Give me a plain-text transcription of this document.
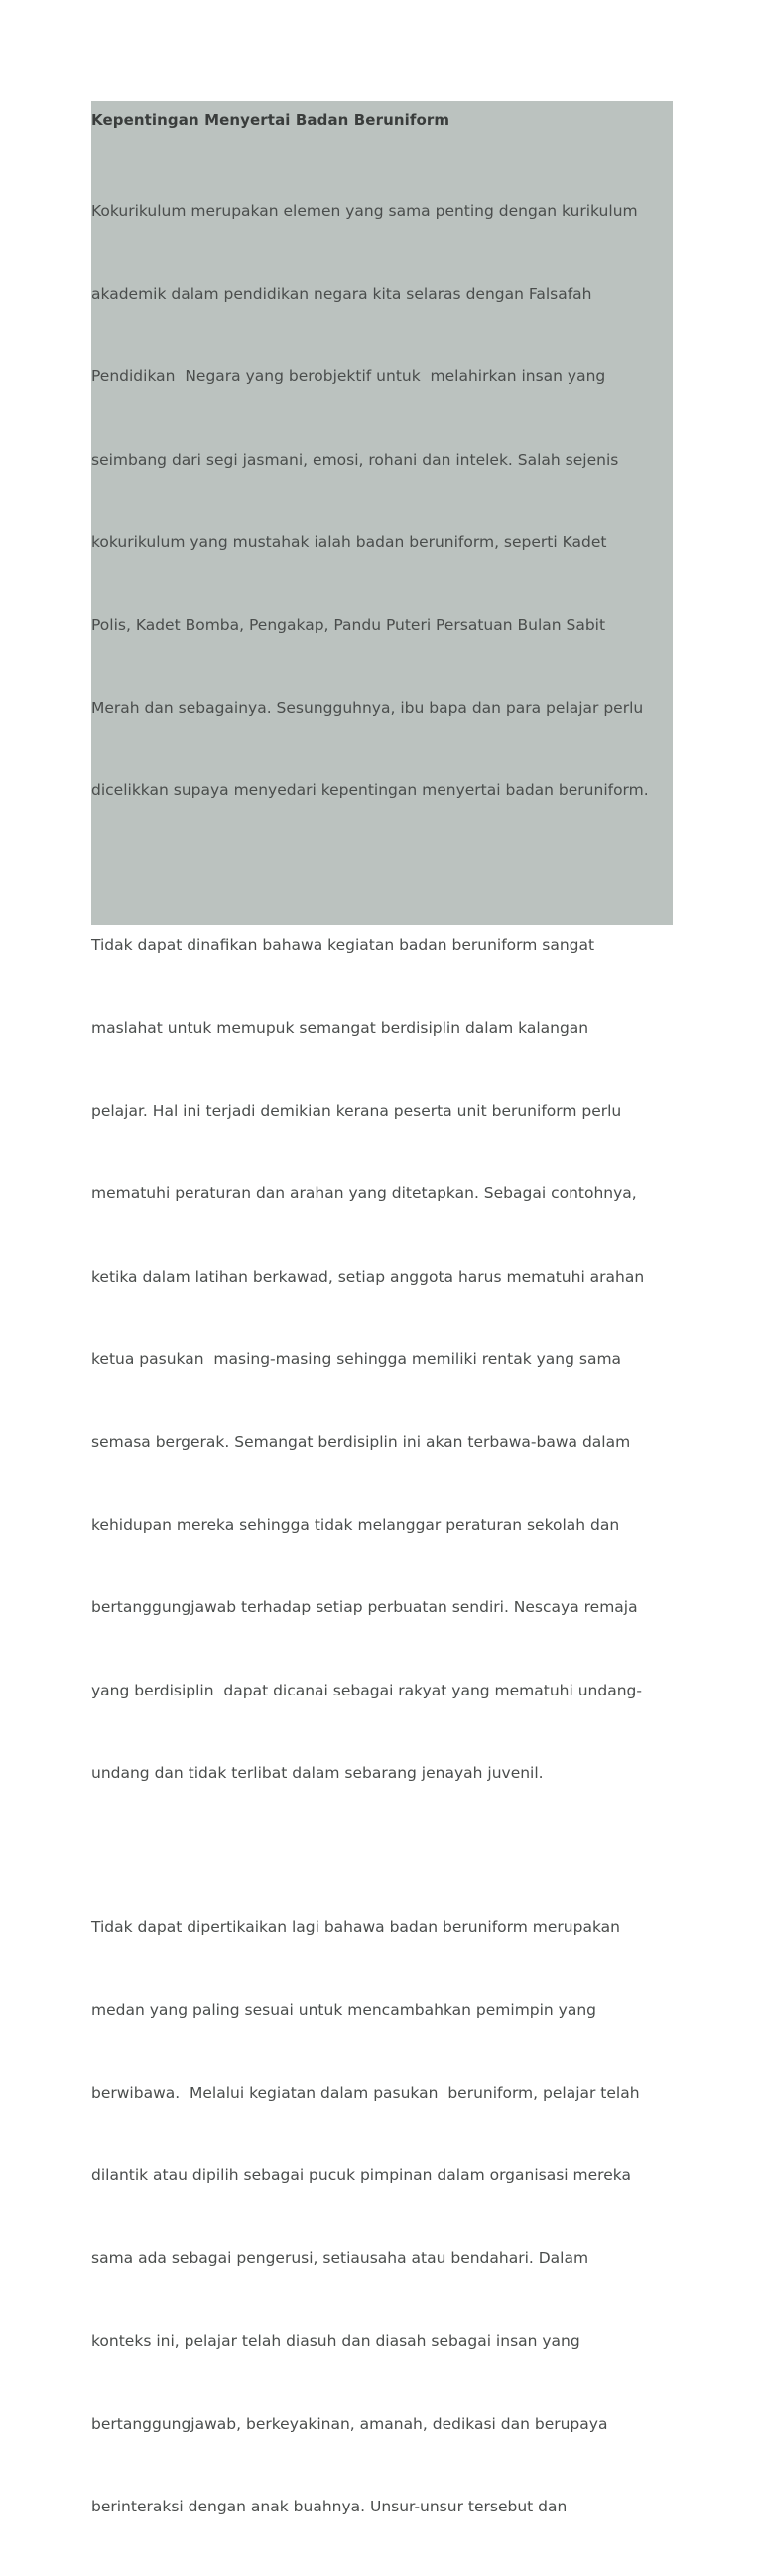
Kepentingan Menyertai Badan Beruniform

Kokurikulum merupakan elemen yang sama penting dengan kurikulum

akademik dalam pendidikan negara kita selaras dengan Falsafah

Pendidikan  Negara yang berobjektif untuk  melahirkan insan yang

seimbang dari segi jasmani, emosi, rohani dan intelek. Salah sejenis

kokurikulum yang mustahak ialah badan beruniform, seperti Kadet

Polis, Kadet Bomba, Pengakap, Pandu Puteri Persatuan Bulan Sabit

Merah dan sebagainya. Sesungguhnya, ibu bapa dan para pelajar perlu

dicelikkan supaya menyedari kepentingan menyertai badan beruniform.

Tidak dapat dinafikan bahawa kegiatan badan beruniform sangat

maslahat untuk memupuk semangat berdisiplin dalam kalangan

pelajar. Hal ini terjadi demikian kerana peserta unit beruniform perlu

mematuhi peraturan dan arahan yang ditetapkan. Sebagai contohnya,

ketika dalam latihan berkawad, setiap anggota harus mematuhi arahan

ketua pasukan  masing-masing sehingga memiliki rentak yang sama

semasa bergerak. Semangat berdisiplin ini akan terbawa-bawa dalam

kehidupan mereka sehingga tidak melanggar peraturan sekolah dan

bertanggungjawab terhadap setiap perbuatan sendiri. Nescaya remaja

yang berdisiplin  dapat dicanai sebagai rakyat yang mematuhi undang-

undang dan tidak terlibat dalam sebarang jenayah juvenil.

Tidak dapat dipertikaikan lagi bahawa badan beruniform merupakan

medan yang paling sesuai untuk mencambahkan pemimpin yang

berwibawa.  Melalui kegiatan dalam pasukan  beruniform, pelajar telah

dilantik atau dipilih sebagai pucuk pimpinan dalam organisasi mereka

sama ada sebagai pengerusi, setiausaha atau bendahari. Dalam

konteks ini, pelajar telah diasuh dan diasah sebagai insan yang

bertanggungjawab, berkeyakinan, amanah, dedikasi dan berupaya

berinteraksi dengan anak buahnya. Unsur-unsur tersebut dan
